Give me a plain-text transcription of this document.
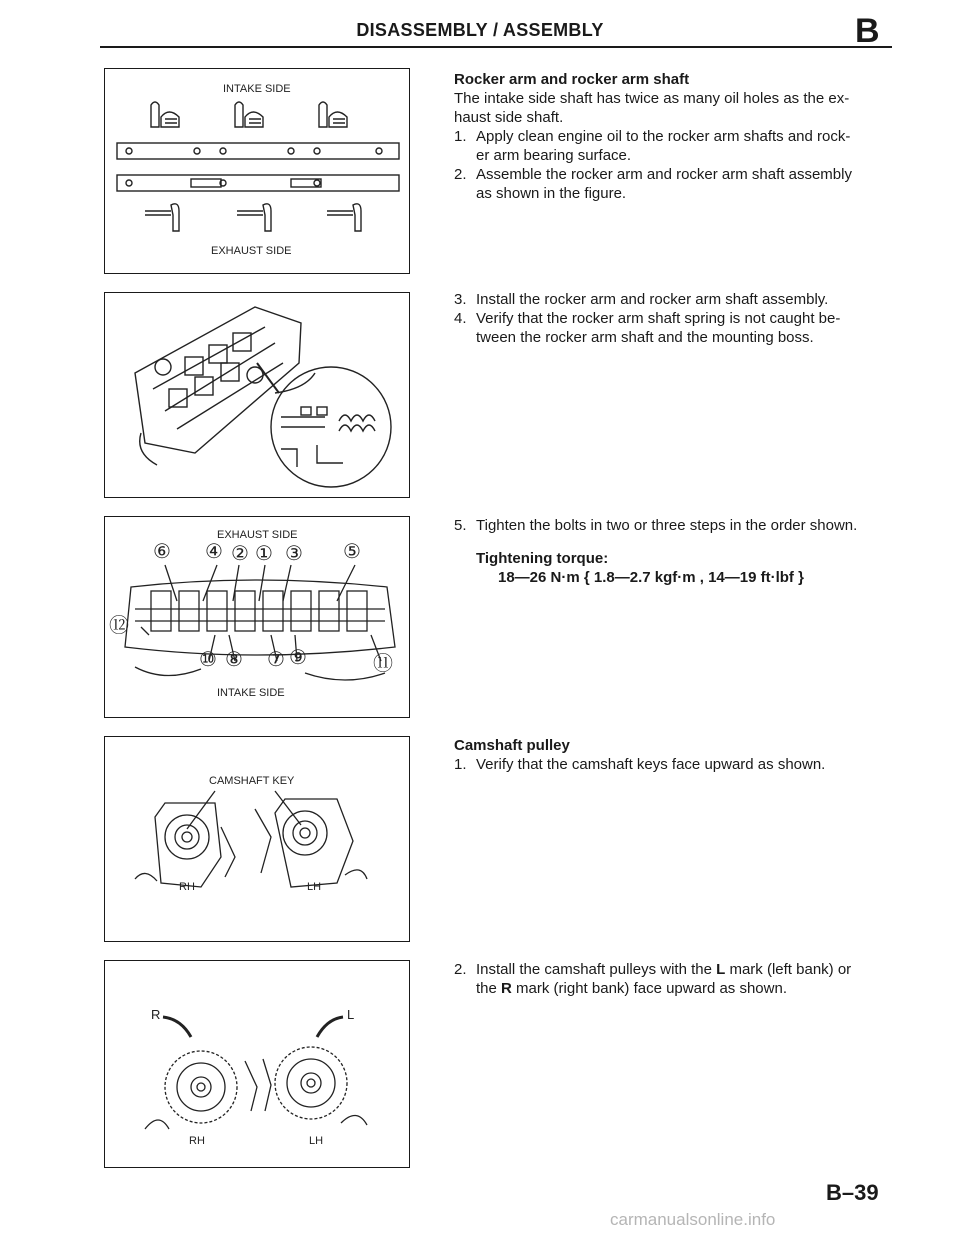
DISASSEMBLY / ASSEMBLY	B
INTAKE SIDE
EXHAUST SIDE
EXHAUST SIDE
⑥ ④ ② ① ③ ⑤
⑫
⑩ ⑧ ⑦ ⑨	⑪
INTAKE SIDE
CAMSHAFT KEY
RH	LH
R	L
RH	LH
Rocker arm and rocker arm shaft
The intake side shaft has twice as many oil holes as the ex-
haust side shaft.
1. Apply clean engine oil to the rocker arm shafts and rock-
er arm bearing surface.
2. Assemble the rocker arm and rocker arm shaft assembly
as shown in the figure.
3. Install the rocker arm and rocker arm shaft assembly.
4. Verify that the rocker arm shaft spring is not caught be-
tween the rocker arm shaft and the mounting boss.
5. Tighten the bolts in two or three steps in the order shown.
Tightening torque:
18—26 N·m { 1.8—2.7 kgf·m , 14—19 ft·lbf }
Camshaft pulley
1. Verify that the camshaft keys face upward as shown.
2. Install the camshaft pulleys with the L mark (left bank) or
the R mark (right bank) face upward as shown.
B–39
carmanualsonline.info
